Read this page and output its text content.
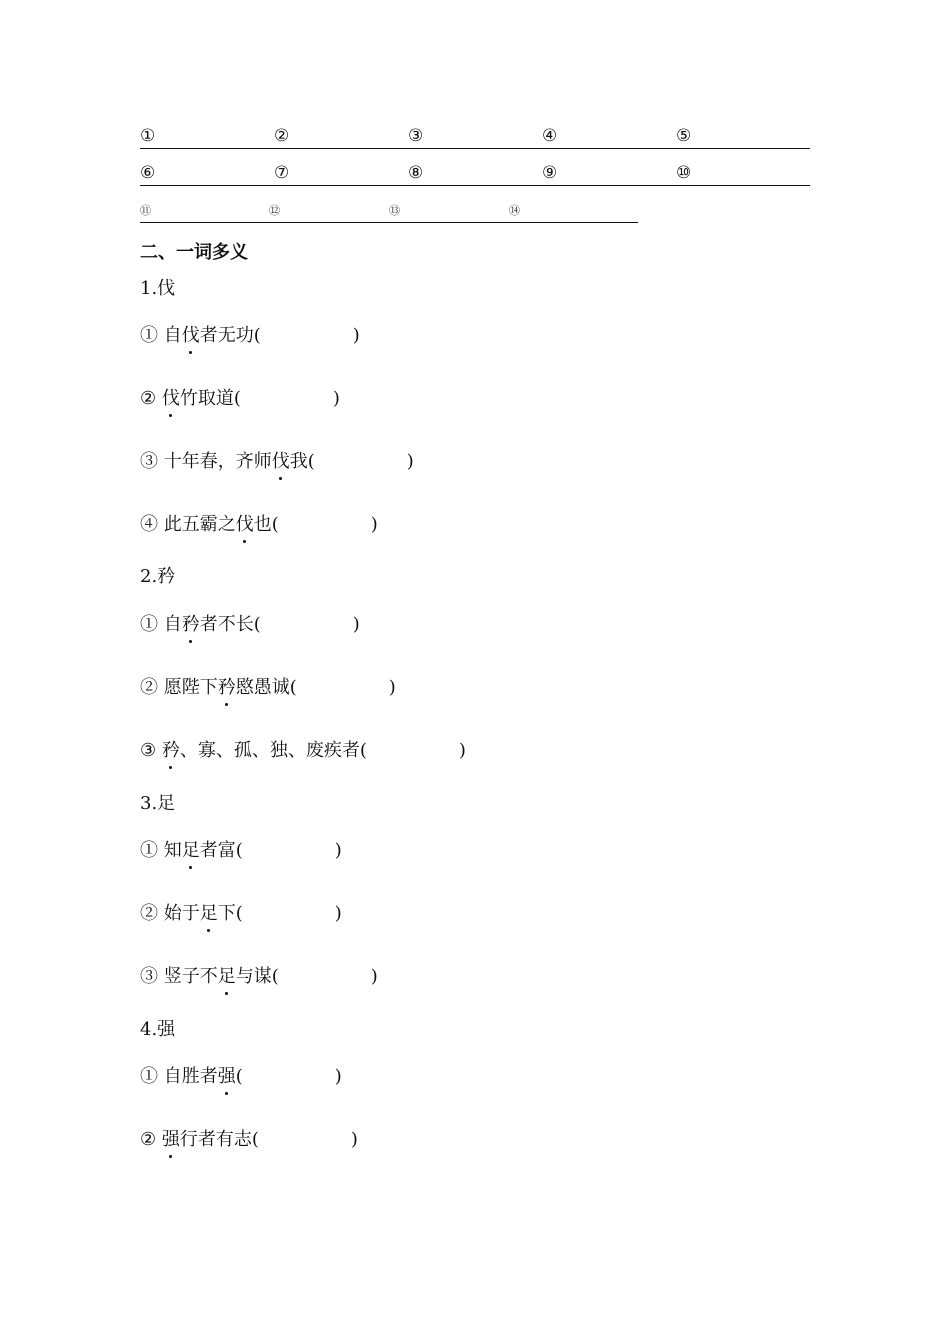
①	②	③	④	⑤
⑥	⑦	⑧	⑨	⑩
⑪	⑫	⑬	⑭
二、一词多义
1.伐
① 自伐者无功(	)
② 伐竹取道(	)
③ 十年春，齐师伐我(	)
④ 此五霸之伐也(	)
2.矜
① 自矜者不长(	)
② 愿陛下矜愍愚诚(	)
③ 矜、寡、孤、独、废疾者(	)
3.足
① 知足者富(	)
② 始于足下(	)
③ 竖子不足与谋(	)
4.强
① 自胜者强(	)
② 强行者有志(	)
